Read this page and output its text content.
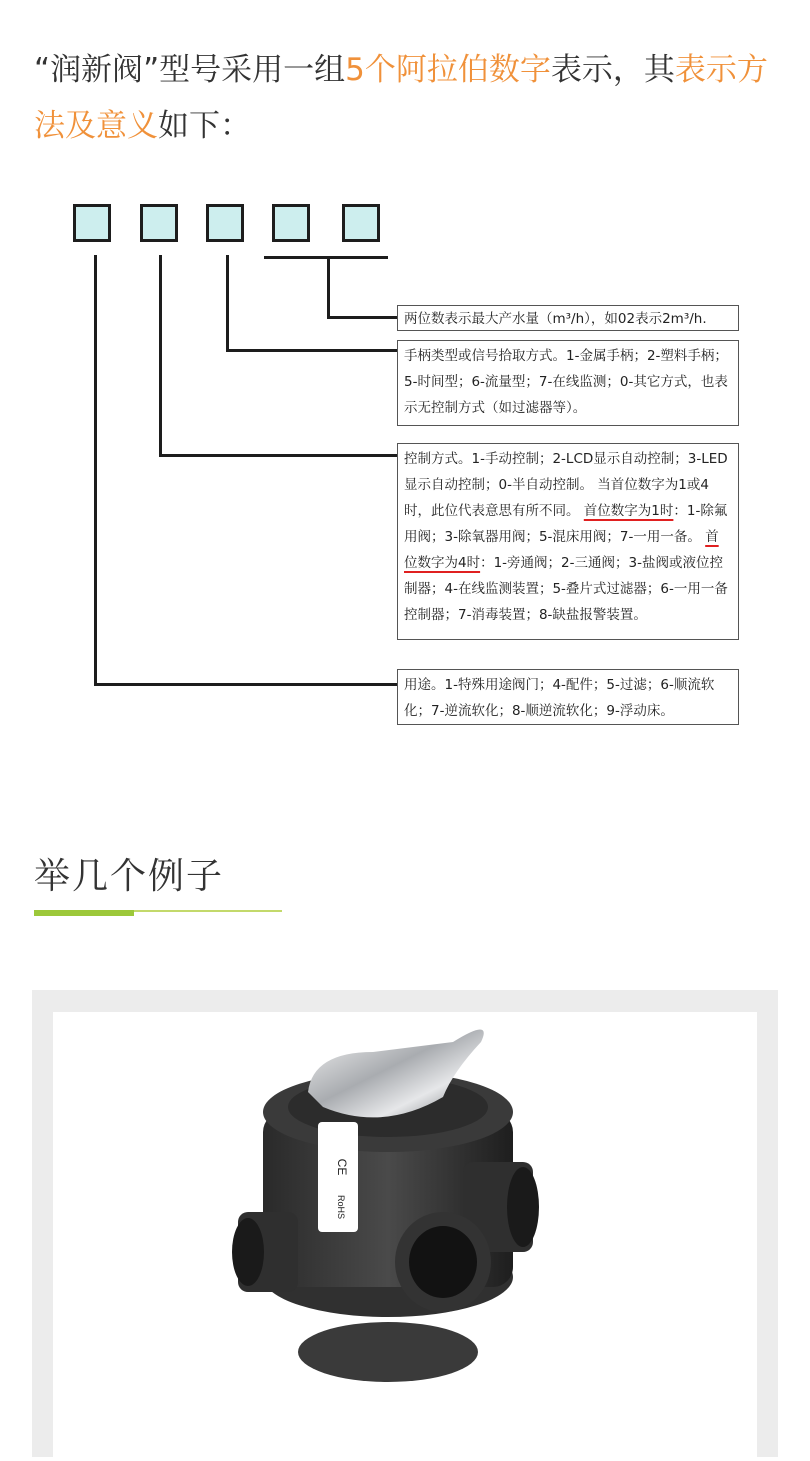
“润新阀”型号采用一组5个阿拉伯数字表示，其表示方法及意义如下：
两位数表示最大产水量（m³/h），如02表示2m³/h.
手柄类型或信号拾取方式。1-金属手柄；2-塑料手柄；5-时间型；6-流量型；7-在线监测；0-其它方式，也表示无控制方式（如过滤器等）。
控制方式。1-手动控制；2-LCD显示自动控制；3-LED显示自动控制；0-半自动控制。 当首位数字为1或4时，此位代表意思有所不同。 首位数字为1时：1-除氟用阀；3-除氧器用阀；5-混床用阀；7-一用一备。 首位数字为4时：1-旁通阀；2-三通阀；3-盐阀或液位控制器；4-在线监测装置；5-叠片式过滤器；6-一用一备控制器；7-消毒装置；8-缺盐报警装置。
用途。1-特殊用途阀门；4-配件；5-过滤；6-顺流软化；7-逆流软化；8-顺逆流软化；9-浮动床。
举几个例子
CE
RoHS
